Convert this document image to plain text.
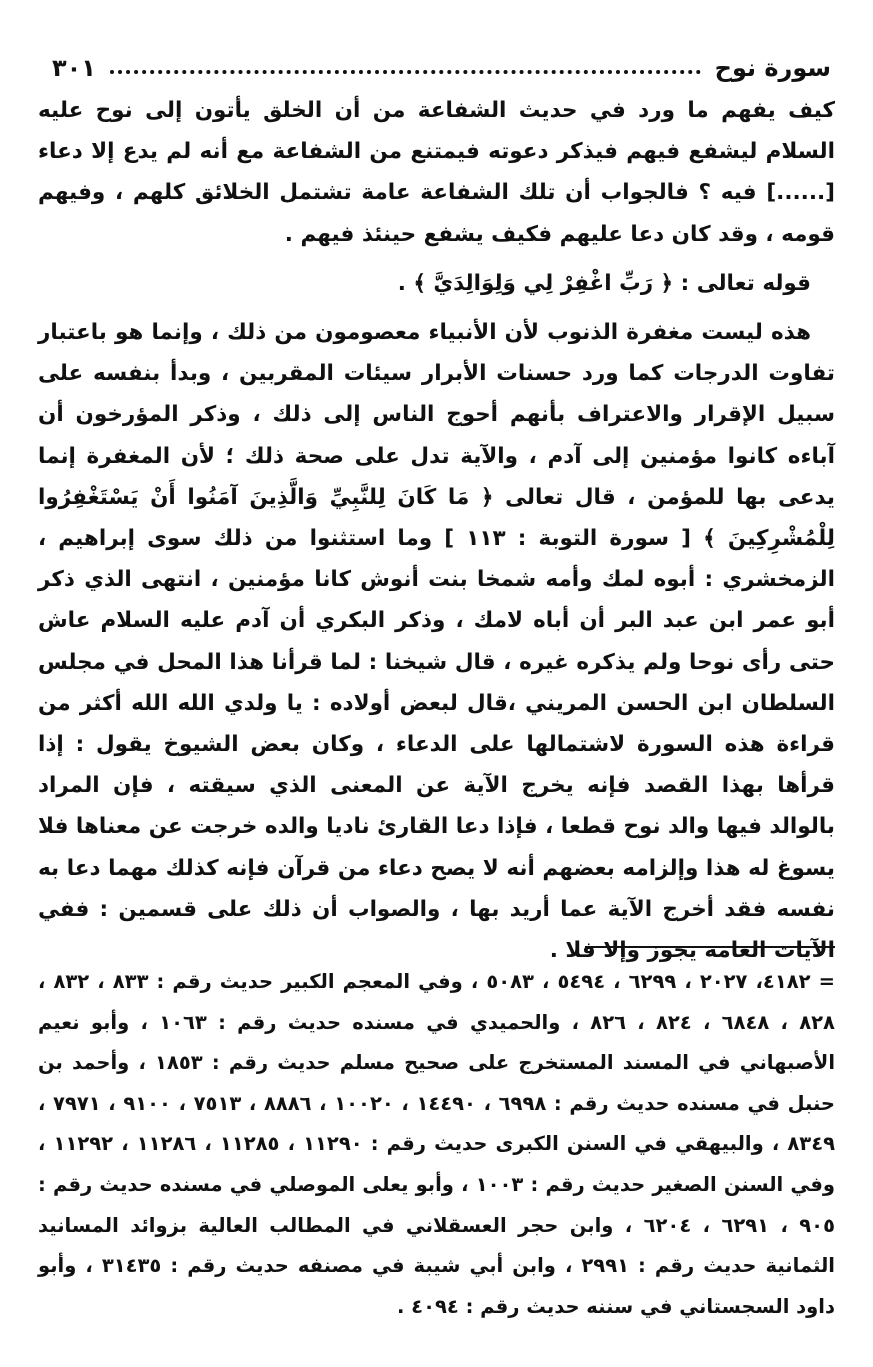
سورة نوح
٣٠١

كيف يفهم ما ورد في حديث الشفاعة من أن الخلق يأتون إلى نوح عليه السلام ليشفع فيهم فيذكر دعوته فيمتنع من الشفاعة مع أنه لم يدع إلا دعاء [......] فيه ؟ فالجواب أن تلك الشفاعة عامة تشتمل الخلائق كلهم ، وفيهم قومه ، وقد كان دعا عليهم فكيف يشفع حينئذ فيهم .

قوله تعالى : ﴿ رَبِّ اغْفِرْ لِي وَلِوَالِدَيَّ ﴾ .

هذه ليست مغفرة الذنوب لأن الأنبياء معصومون من ذلك ، وإنما هو باعتبار تفاوت الدرجات كما ورد حسنات الأبرار سيئات المقربين ، وبدأ بنفسه على سبيل الإقرار والاعتراف بأنهم أحوج الناس إلى ذلك ، وذكر المؤرخون أن آباءه كانوا مؤمنين إلى آدم ، والآية تدل على صحة ذلك ؛ لأن المغفرة إنما يدعى بها للمؤمن ، قال تعالى ﴿ مَا كَانَ لِلنَّبِيِّ وَالَّذِينَ آمَنُوا أَنْ يَسْتَغْفِرُوا لِلْمُشْرِكِينَ ﴾ [ سورة التوبة : ١١٣ ] وما استثنوا من ذلك سوى إبراهيم ، الزمخشري : أبوه لمك وأمه شمخا بنت أنوش كانا مؤمنين ، انتهى الذي ذكر أبو عمر ابن عبد البر أن أباه لامك ، وذكر البكري أن آدم عليه السلام عاش حتى رأى نوحا ولم يذكره غيره ، قال شيخنا : لما قرأنا هذا المحل في مجلس السلطان ابن الحسن المريني ،قال لبعض أولاده : يا ولدي الله الله أكثر من قراءة هذه السورة لاشتمالها على الدعاء ، وكان بعض الشيوخ يقول : إذا قرأها بهذا القصد فإنه يخرج الآية عن المعنى الذي سيقته ، فإن المراد بالوالد فيها والد نوح قطعا ، فإذا دعا القارئ ناديا والده خرجت عن معناها فلا يسوغ له هذا وإلزامه بعضهم أنه لا يصح دعاء من قرآن فإنه كذلك مهما دعا به نفسه فقد أخرج الآية عما أريد بها ، والصواب أن ذلك على قسمين : ففي الآيات العامة يجوز وإلا فلا .

= ٤١٨٢، ٢٠٢٧ ، ٦٢٩٩ ، ٥٤٩٤ ، ٥٠٨٣ ، وفي المعجم الكبير حديث رقم : ٨٣٣ ، ٨٣٢ ، ٨٢٨ ، ٦٨٤٨ ، ٨٢٤ ، ٨٢٦ ، والحميدي في مسنده حديث رقم : ١٠٦٣ ، وأبو نعيم الأصبهاني في المسند المستخرج على صحيح مسلم حديث رقم : ١٨٥٣ ، وأحمد بن حنبل في مسنده حديث رقم : ٦٩٩٨ ، ١٤٤٩٠ ، ١٠٠٢٠ ، ٨٨٨٦ ، ٧٥١٣ ، ٩١٠٠ ، ٧٩٧١ ، ٨٣٤٩ ، والبيهقي في السنن الكبرى حديث رقم : ١١٢٩٠ ، ١١٢٨٥ ، ١١٢٨٦ ، ١١٢٩٢ ، وفي السنن الصغير حديث رقم : ١٠٠٣ ، وأبو يعلى الموصلي في مسنده حديث رقم : ٩٠٥ ، ٦٢٩١ ، ٦٢٠٤ ، وابن حجر العسقلاني في المطالب العالية بزوائد المسانيد الثمانية حديث رقم : ٢٩٩١ ، وابن أبي شيبة في مصنفه حديث رقم : ٣١٤٣٥ ، وأبو داود السجستاني في سننه حديث رقم : ٤٠٩٤ .
